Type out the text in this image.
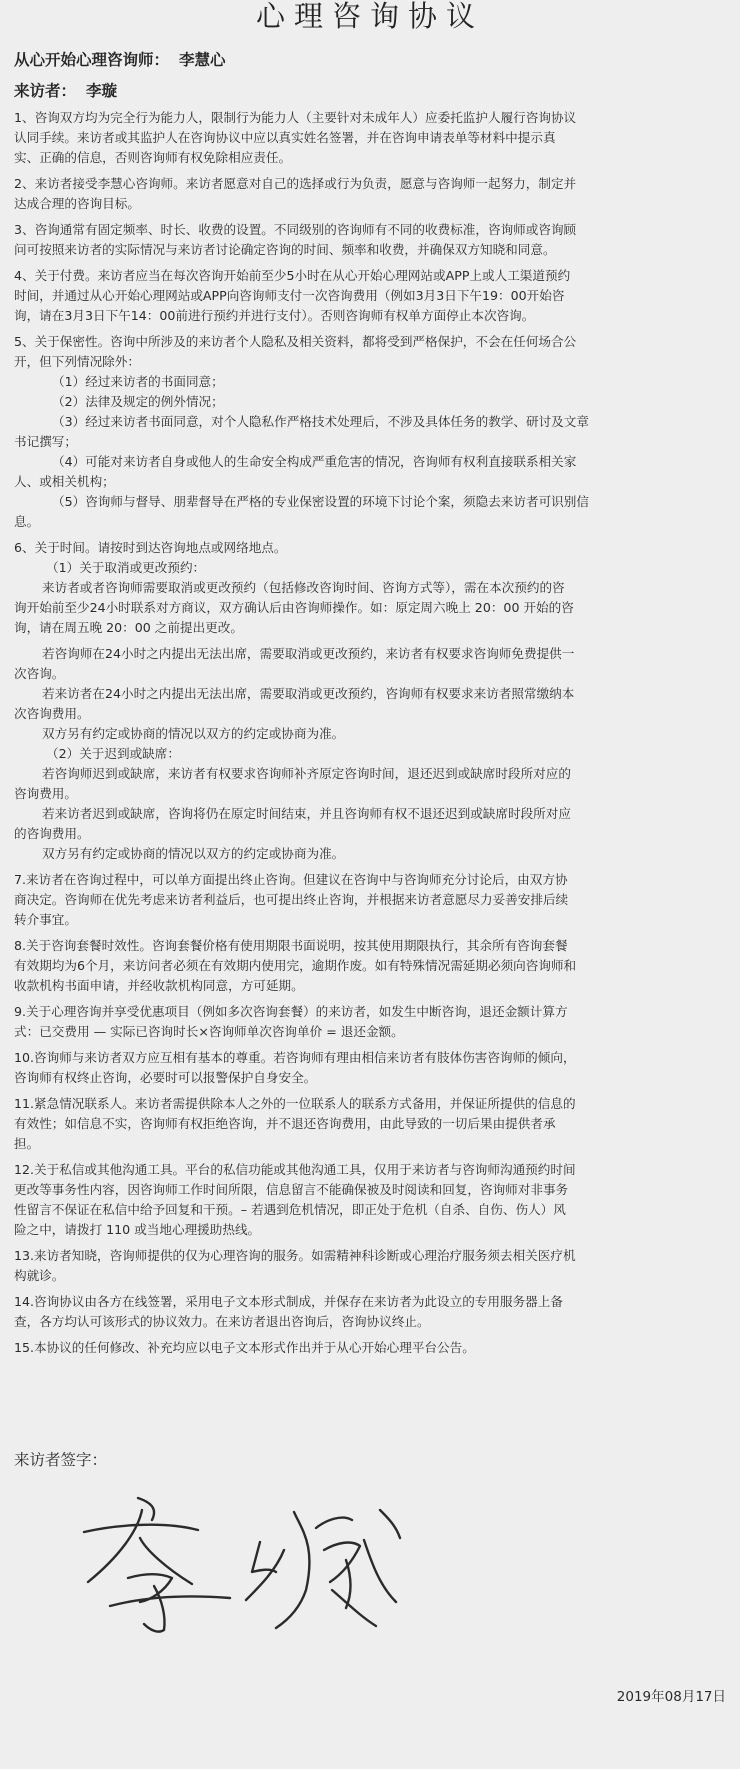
心理咨询协议
从心开始心理咨询师： 李慧心
来访者： 李璇
1、咨询双方均为完全行为能力人，限制行为能力人（主要针对未成年人）应委托监护人履行咨询协议
认同手续。来访者或其监护人在咨询协议中应以真实姓名签署，并在咨询申请表单等材料中提示真
实、正确的信息，否则咨询师有权免除相应责任。
2、来访者接受李慧心咨询师。来访者愿意对自己的选择或行为负责，愿意与咨询师一起努力，制定并
达成合理的咨询目标。
3、咨询通常有固定频率、时长、收费的设置。不同级别的咨询师有不同的收费标准，咨询师或咨询顾
问可按照来访者的实际情况与来访者讨论确定咨询的时间、频率和收费，并确保双方知晓和同意。
4、关于付费。来访者应当在每次咨询开始前至少5小时在从心开始心理网站或APP上或人工渠道预约
时间，并通过从心开始心理网站或APP向咨询师支付一次咨询费用（例如3月3日下午19：00开始咨
询，请在3月3日下午14：00前进行预约并进行支付）。否则咨询师有权单方面停止本次咨询。
5、关于保密性。咨询中所涉及的来访者个人隐私及相关资料，都将受到严格保护，不会在任何场合公
开，但下列情况除外：
（1）经过来访者的书面同意；
（2）法律及规定的例外情况；
（3）经过来访者书面同意，对个人隐私作严格技术处理后，不涉及具体任务的教学、研讨及文章
书记撰写；
（4）可能对来访者自身或他人的生命安全构成严重危害的情况，咨询师有权利直接联系相关家
人、或相关机构；
（5）咨询师与督导、朋辈督导在严格的专业保密设置的环境下讨论个案，须隐去来访者可识别信
息。
6、关于时间。请按时到达咨询地点或网络地点。
（1）关于取消或更改预约：
来访者或者咨询师需要取消或更改预约（包括修改咨询时间、咨询方式等），需在本次预约的咨
询开始前至少24小时联系对方商议，双方确认后由咨询师操作。如：原定周六晚上 20：00 开始的咨
询，请在周五晚 20：00 之前提出更改。
若咨询师在24小时之内提出无法出席，需要取消或更改预约，来访者有权要求咨询师免费提供一
次咨询。
若来访者在24小时之内提出无法出席，需要取消或更改预约，咨询师有权要求来访者照常缴纳本
次咨询费用。
双方另有约定或协商的情况以双方的约定或协商为准。
（2）关于迟到或缺席：
若咨询师迟到或缺席，来访者有权要求咨询师补齐原定咨询时间，退还迟到或缺席时段所对应的
咨询费用。
若来访者迟到或缺席，咨询将仍在原定时间结束，并且咨询师有权不退还迟到或缺席时段所对应
的咨询费用。
双方另有约定或协商的情况以双方的约定或协商为准。
7.来访者在咨询过程中，可以单方面提出终止咨询。但建议在咨询中与咨询师充分讨论后，由双方协
商决定。咨询师在优先考虑来访者利益后，也可提出终止咨询，并根据来访者意愿尽力妥善安排后续
转介事宜。
8.关于咨询套餐时效性。咨询套餐价格有使用期限书面说明，按其使用期限执行，其余所有咨询套餐
有效期均为6个月，来访问者必须在有效期内使用完，逾期作废。如有特殊情况需延期必须向咨询师和
收款机构书面申请，并经收款机构同意，方可延期。
9.关于心理咨询并享受优惠项目（例如多次咨询套餐）的来访者，如发生中断咨询，退还金额计算方
式：已交费用 — 实际已咨询时长×咨询师单次咨询单价 = 退还金额。
10.咨询师与来访者双方应互相有基本的尊重。若咨询师有理由相信来访者有肢体伤害咨询师的倾向，
咨询师有权终止咨询，必要时可以报警保护自身安全。
11.紧急情况联系人。来访者需提供除本人之外的一位联系人的联系方式备用，并保证所提供的信息的
有效性；如信息不实，咨询师有权拒绝咨询，并不退还咨询费用，由此导致的一切后果由提供者承
担。
12.关于私信或其他沟通工具。平台的私信功能或其他沟通工具，仅用于来访者与咨询师沟通预约时间
更改等事务性内容，因咨询师工作时间所限，信息留言不能确保被及时阅读和回复，咨询师对非事务
性留言不保证在私信中给予回复和干预。– 若遇到危机情况，即正处于危机（自杀、自伤、伤人）风
险之中，请拨打 110 或当地心理援助热线。
13.来访者知晓，咨询师提供的仅为心理咨询的服务。如需精神科诊断或心理治疗服务须去相关医疗机
构就诊。
14.咨询协议由各方在线签署，采用电子文本形式制成，并保存在来访者为此设立的专用服务器上备
查，各方均认可该形式的协议效力。在来访者退出咨询后，咨询协议终止。
15.本协议的任何修改、补充均应以电子文本形式作出并于从心开始心理平台公告。
来访者签字：
2019年08月17日
